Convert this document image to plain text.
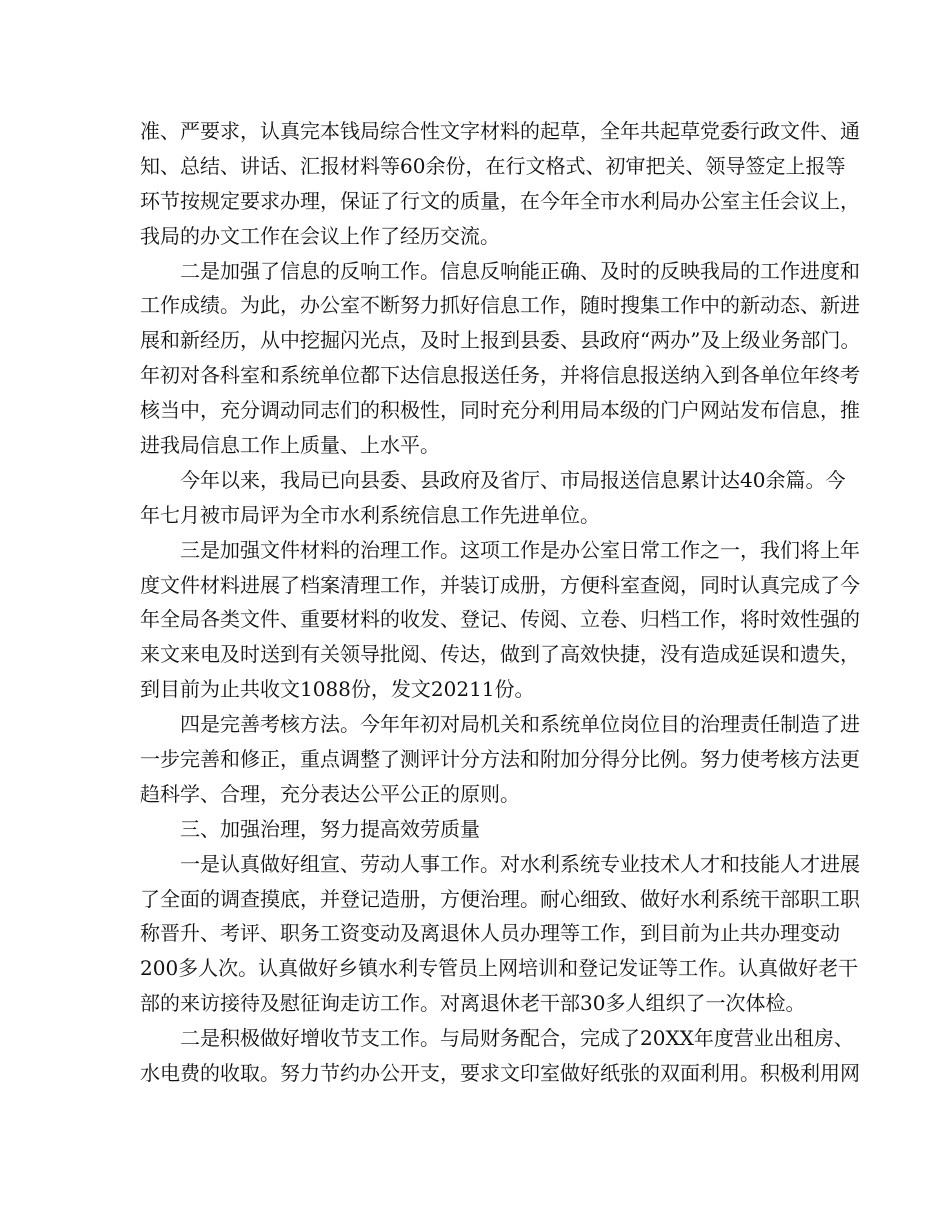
准、严要求，认真完本钱局综合性文字材料的起草，全年共起草党委行政文件、通
知、总结、讲话、汇报材料等60余份，在行文格式、初审把关、领导签定上报等
环节按规定要求办理，保证了行文的质量，在今年全市水利局办公室主任会议上，
我局的办文工作在会议上作了经历交流。
二是加强了信息的反响工作。信息反响能正确、及时的反映我局的工作进度和
工作成绩。为此，办公室不断努力抓好信息工作，随时搜集工作中的新动态、新进
展和新经历，从中挖掘闪光点，及时上报到县委、县政府“两办”及上级业务部门。
年初对各科室和系统单位都下达信息报送任务，并将信息报送纳入到各单位年终考
核当中，充分调动同志们的积极性，同时充分利用局本级的门户网站发布信息，推
进我局信息工作上质量、上水平。
今年以来，我局已向县委、县政府及省厅、市局报送信息累计达40余篇。今
年七月被市局评为全市水利系统信息工作先进单位。
三是加强文件材料的治理工作。这项工作是办公室日常工作之一，我们将上年
度文件材料进展了档案清理工作，并装订成册，方便科室查阅，同时认真完成了今
年全局各类文件、重要材料的收发、登记、传阅、立卷、归档工作，将时效性强的
来文来电及时送到有关领导批阅、传达，做到了高效快捷，没有造成延误和遗失，
到目前为止共收文1088份，发文20211份。
四是完善考核方法。今年年初对局机关和系统单位岗位目的治理责任制造了进
一步完善和修正，重点调整了测评计分方法和附加分得分比例。努力使考核方法更
趋科学、合理，充分表达公平公正的原则。
三、加强治理，努力提高效劳质量
一是认真做好组宣、劳动人事工作。对水利系统专业技术人才和技能人才进展
了全面的调查摸底，并登记造册，方便治理。耐心细致、做好水利系统干部职工职
称晋升、考评、职务工资变动及离退休人员办理等工作，到目前为止共办理变动
200多人次。认真做好乡镇水利专管员上网培训和登记发证等工作。认真做好老干
部的来访接待及慰征询走访工作。对离退休老干部30多人组织了一次体检。
二是积极做好增收节支工作。与局财务配合，完成了20XX年度营业出租房、
水电费的收取。努力节约办公开支，要求文印室做好纸张的双面利用。积极利用网
